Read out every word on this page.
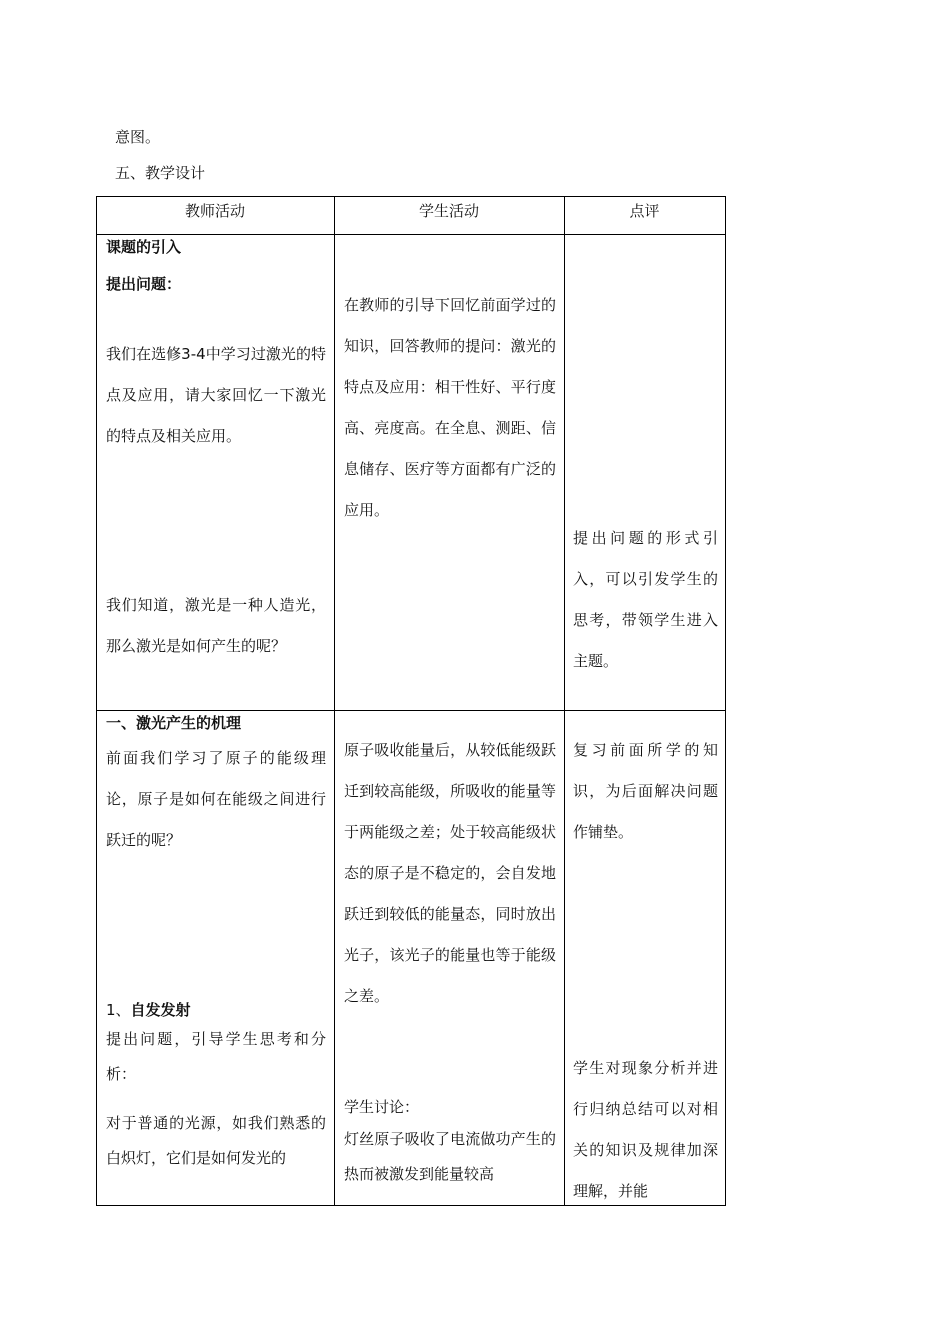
意图。
五、教学设计
教师活动	学生活动	点评
课题的引入
提出问题：
我们在选修3-4中学习过激光的特点及应用，请大家回忆一下激光的特点及相关应用。
我们知道，激光是一种人造光，那么激光是如何产生的呢？
在教师的引导下回忆前面学过的知识，回答教师的提问：激光的特点及应用：相干性好、平行度高、亮度高。在全息、测距、信息储存、医疗等方面都有广泛的应用。
提出问题的形式引入，可以引发学生的思考，带领学生进入主题。
一、激光产生的机理
前面我们学习了原子的能级理论，原子是如何在能级之间进行跃迁的呢？
1、自发发射
提出问题，引导学生思考和分析：
对于普通的光源，如我们熟悉的白炽灯，它们是如何发光的
原子吸收能量后，从较低能级跃迁到较高能级，所吸收的能量等于两能级之差；处于较高能级状态的原子是不稳定的，会自发地跃迁到较低的能量态，同时放出光子，该光子的能量也等于能级之差。
学生讨论：
灯丝原子吸收了电流做功产生的热而被激发到能量较高
复习前面所学的知识，为后面解决问题作铺垫。
学生对现象分析并进行归纳总结可以对相关的知识及规律加深理解，并能
